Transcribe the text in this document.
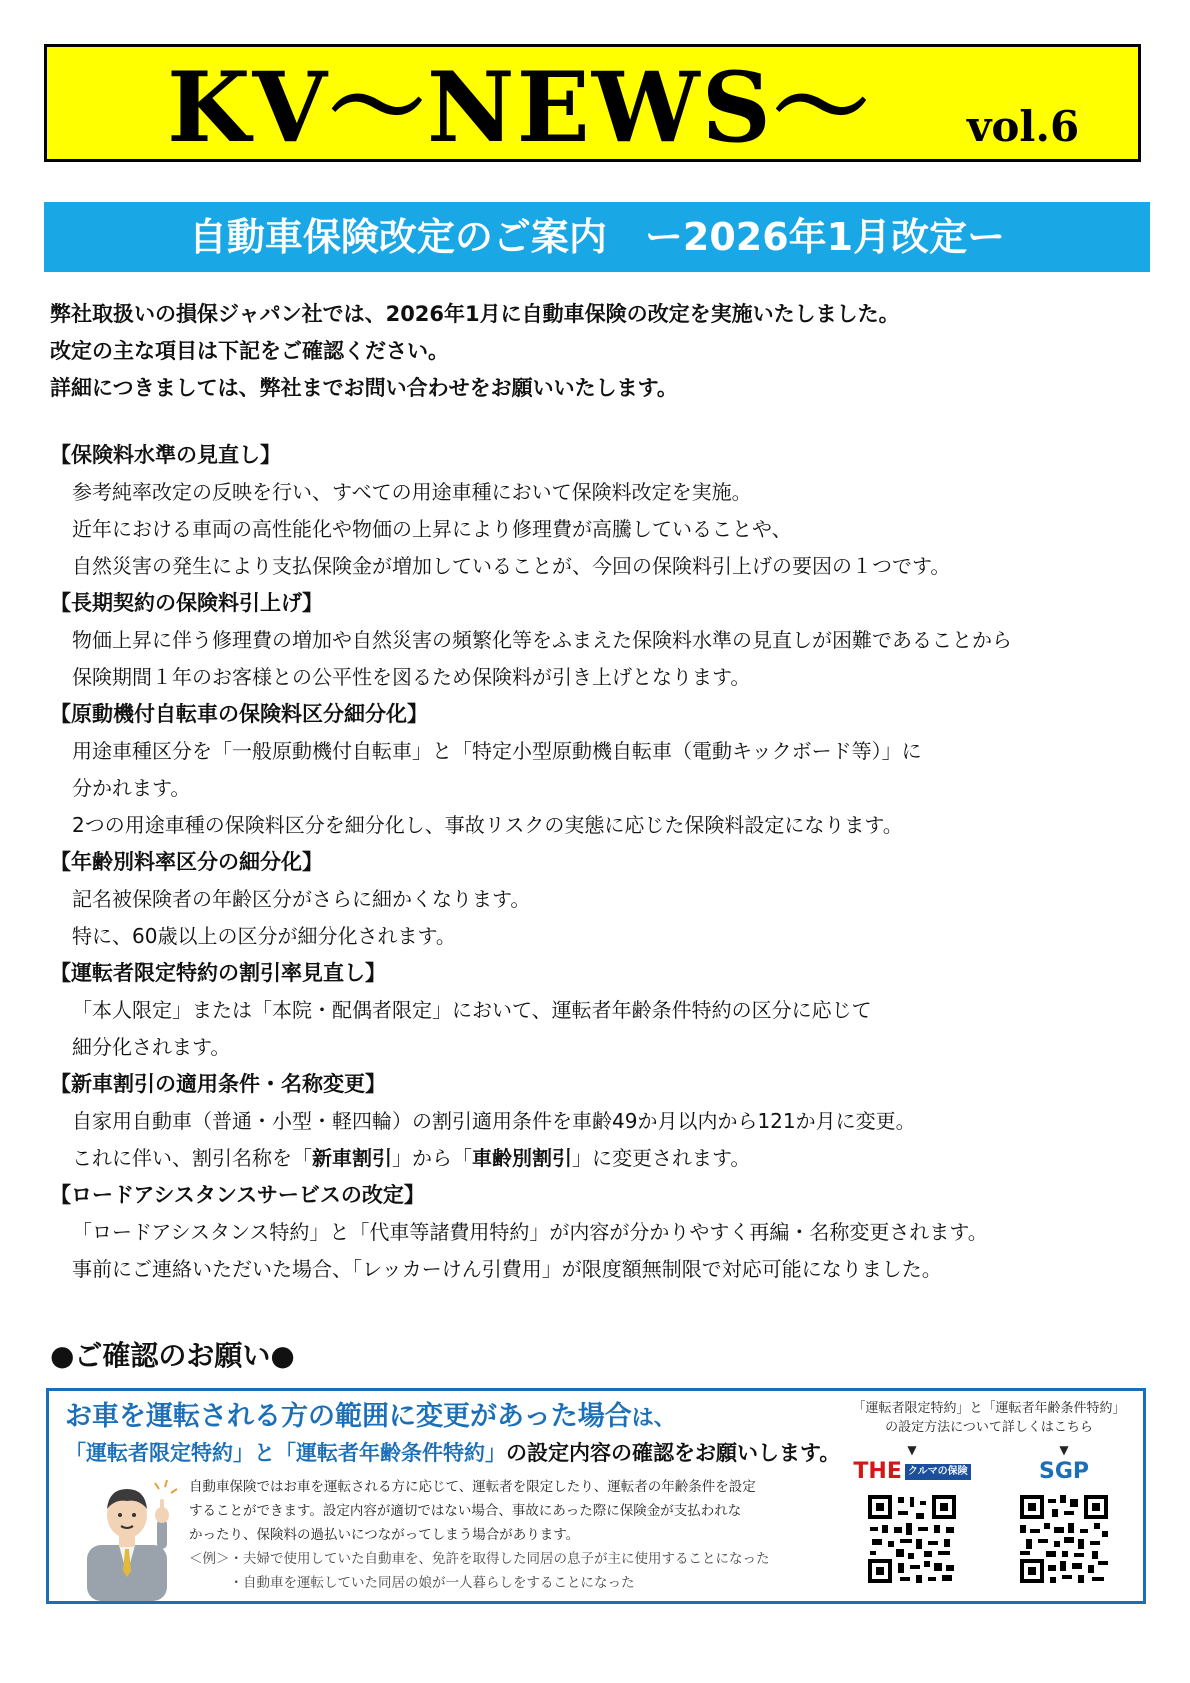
KV～NEWS～ vol.6
自動車保険改定のご案内　ー2026年1月改定ー

弊社取扱いの損保ジャパン社では、2026年1月に自動車保険の改定を実施いたしました。

改定の主な項目は下記をご確認ください。

詳細につきましては、弊社までお問い合わせをお願いいたします。

【保険料水準の見直し】

参考純率改定の反映を行い、すべての用途車種において保険料改定を実施。

近年における車両の高性能化や物価の上昇により修理費が高騰していることや、

自然災害の発生により支払保険金が増加していることが、今回の保険料引上げの要因の１つです。

【長期契約の保険料引上げ】

物価上昇に伴う修理費の増加や自然災害の頻繁化等をふまえた保険料水準の見直しが困難であることから

保険期間１年のお客様との公平性を図るため保険料が引き上げとなります。

【原動機付自転車の保険料区分細分化】

用途車種区分を「一般原動機付自転車」と「特定小型原動機自転車（電動キックボード等）」に

分かれます。

2つの用途車種の保険料区分を細分化し、事故リスクの実態に応じた保険料設定になります。

【年齢別料率区分の細分化】

記名被保険者の年齢区分がさらに細かくなります。

特に、60歳以上の区分が細分化されます。

【運転者限定特約の割引率見直し】

「本人限定」または「本院・配偶者限定」において、運転者年齢条件特約の区分に応じて

細分化されます。

【新車割引の適用条件・名称変更】

自家用自動車（普通・小型・軽四輪）の割引適用条件を車齢49か月以内から121か月に変更。

これに伴い、割引名称を「新車割引」から「車齢別割引」に変更されます。

【ロードアシスタンスサービスの改定】

「ロードアシスタンス特約」と「代車等諸費用特約」が内容が分かりやすく再編・名称変更されます。

事前にご連絡いただいた場合、「レッカーけん引費用」が限度額無制限で対応可能になりました。

●ご確認のお願い●
お車を運転される方の範囲に変更があった場合は、
「運転者限定特約」と「運転者年齢条件特約」の設定内容の確認をお願いします。

自動車保険ではお車を運転される方に応じて、運転者を限定したり、運転者の年齢条件を設定

することができます。設定内容が適切ではない場合、事故にあった際に保険金が支払われな

かったり、保険料の過払いにつながってしまう場合があります。

＜例＞・夫婦で使用していた自動車を、免許を取得した同居の息子が主に使用することになった

　　　・自動車を運転していた同居の娘が一人暮らしをすることになった

「運転者限定特約」と「運転者年齢条件特約」

の設定方法について詳しくはこちら

▼
THE クルマの保険
▼
SGP
